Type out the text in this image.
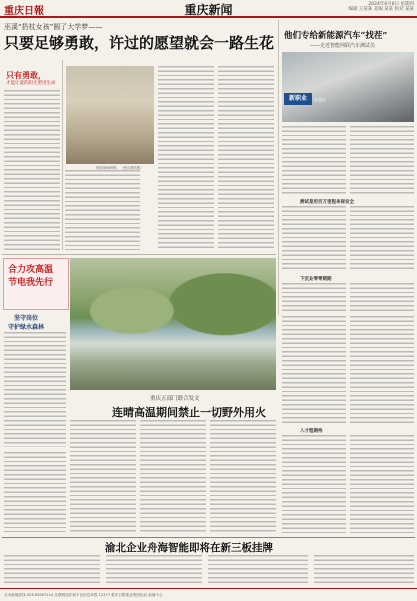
重庆日報	重庆新闻	2024年6月6日 星期四
编辑 王某某 美编 某某 校对 某某
巫溪“扔杖女孩”圆了大学梦——
只要足够勇敢，许过的愿望就会一路生花
只有勇敢，
才能让爱的阳光照进生命
何若何和妈妈。（受访者供图）
他们专给新能源汽车“找茬”
——走近智能网联汽车测试员
新职业	在重庆
测试是用百万里程来保安全
下沉业零零期期
合力攻高温
节电我先行
坚守岗位
守护绿水森林
入才程期待
重庆五部门联合发文
连晴高温期间禁止一切野外用火
渝北企业舟海智能即将在新三板挂牌
全市新闻热线 023-63907114 互联网违法和不良信息举报 12377 重庆日报报业集团出品 新闻中心
